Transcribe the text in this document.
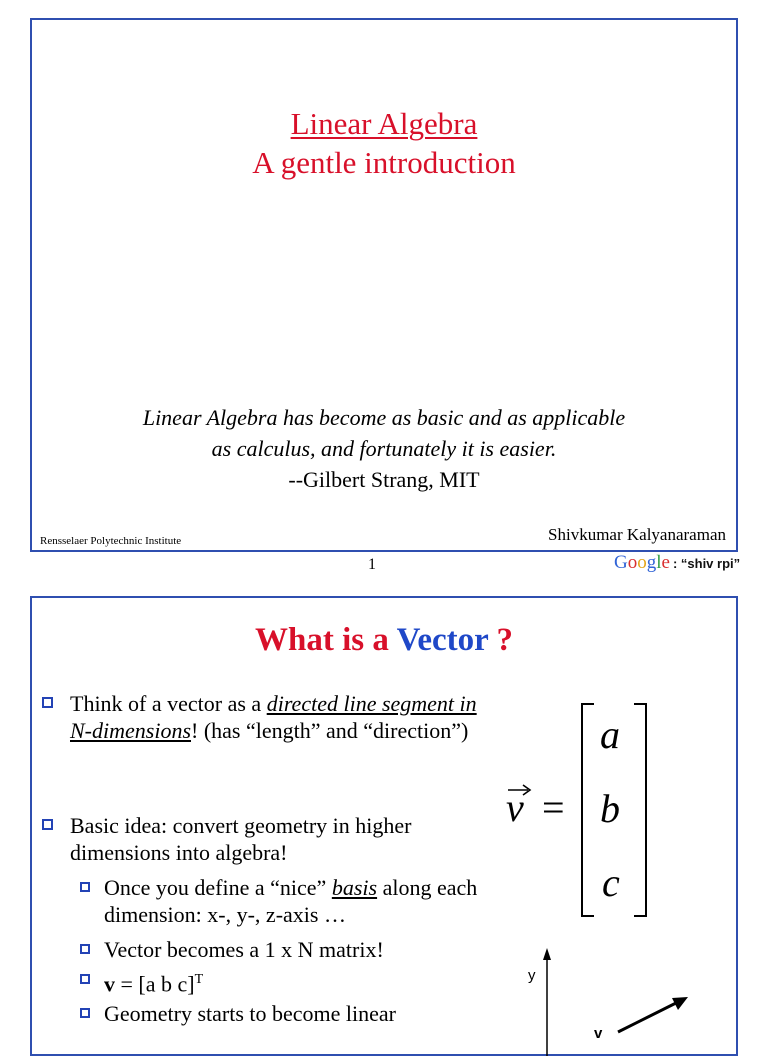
Linear Algebra
A gentle introduction
Linear Algebra has become as basic and as applicable
as calculus, and fortunately it is easier.
--Gilbert Strang, MIT
Rensselaer Polytechnic Institute	Shivkumar Kalyanaraman
1	Google : “shiv rpi”
What is a Vector ?
Think of a vector as a directed line segment in N-dimensions! (has “length” and “direction”)
Basic idea: convert geometry in higher dimensions into algebra!
Once you define a “nice” basis along each dimension: x-, y-, z-axis …
Vector becomes a 1 x N matrix!
v = [a b c]$^T$
Geometry starts to become linear
v =
a
b
c
y
v
